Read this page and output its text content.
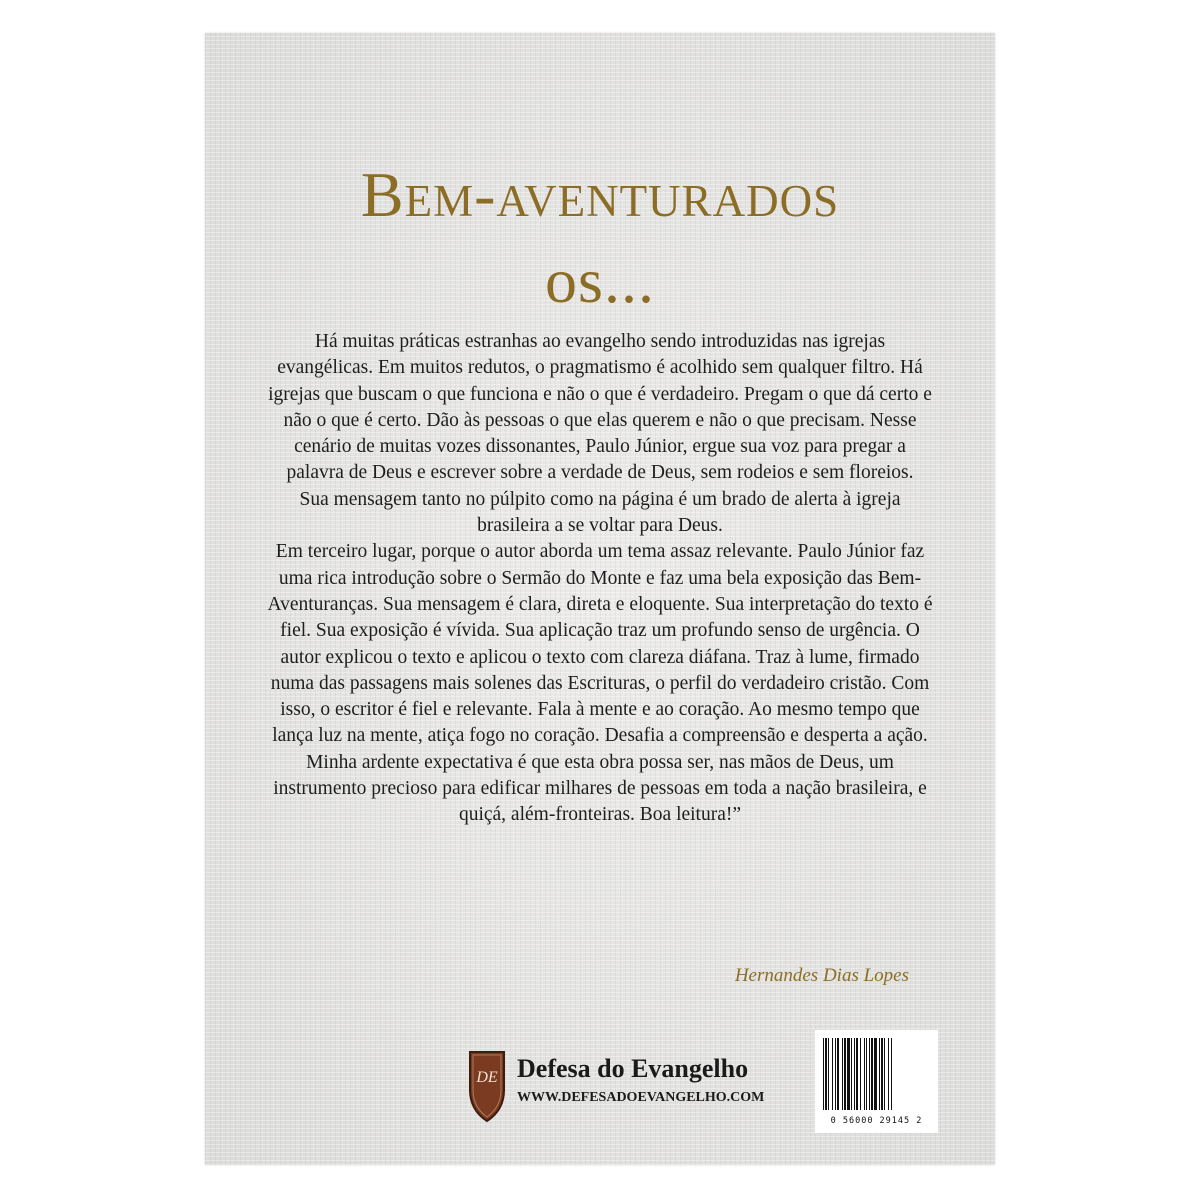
Bem-aventurados
os...

Há muitas práticas estranhas ao evangelho sendo introduzidas nas igrejas evangélicas. Em muitos redutos, o pragmatismo é acolhido sem qualquer filtro. Há igrejas que buscam o que funciona e não o que é verdadeiro. Pregam o que dá certo e não o que é certo. Dão às pessoas o que elas querem e não o que precisam. Nesse cenário de muitas vozes dissonantes, Paulo Júnior, ergue sua voz para pregar a palavra de Deus e escrever sobre a verdade de Deus, sem rodeios e sem floreios.

Sua mensagem tanto no púlpito como na página é um brado de alerta à igreja brasileira a se voltar para Deus.

Em terceiro lugar, porque o autor aborda um tema assaz relevante. Paulo Júnior faz uma rica introdução sobre o Sermão do Monte e faz uma bela exposição das Bem-Aventuranças. Sua mensagem é clara, direta e eloquente. Sua interpretação do texto é fiel. Sua exposição é vívida. Sua aplicação traz um profundo senso de urgência. O autor explicou o texto e aplicou o texto com clareza diáfana. Traz à lume, firmado numa das passagens mais solenes das Escrituras, o perfil do verdadeiro cristão. Com isso, o escritor é fiel e relevante. Fala à mente e ao coração. Ao mesmo tempo que lança luz na mente, atiça fogo no coração. Desafia a compreensão e desperta a ação.

Minha ardente expectativa é que esta obra possa ser, nas mãos de Deus, um instrumento precioso para edificar milhares de pessoas em toda a nação brasileira, e quiçá, além-fronteiras. Boa leitura!”

Hernandes Dias Lopes
DE Defesa do Evangelho
WWW.DEFESADOEVANGELHO.COM
0 56000 29145 2
